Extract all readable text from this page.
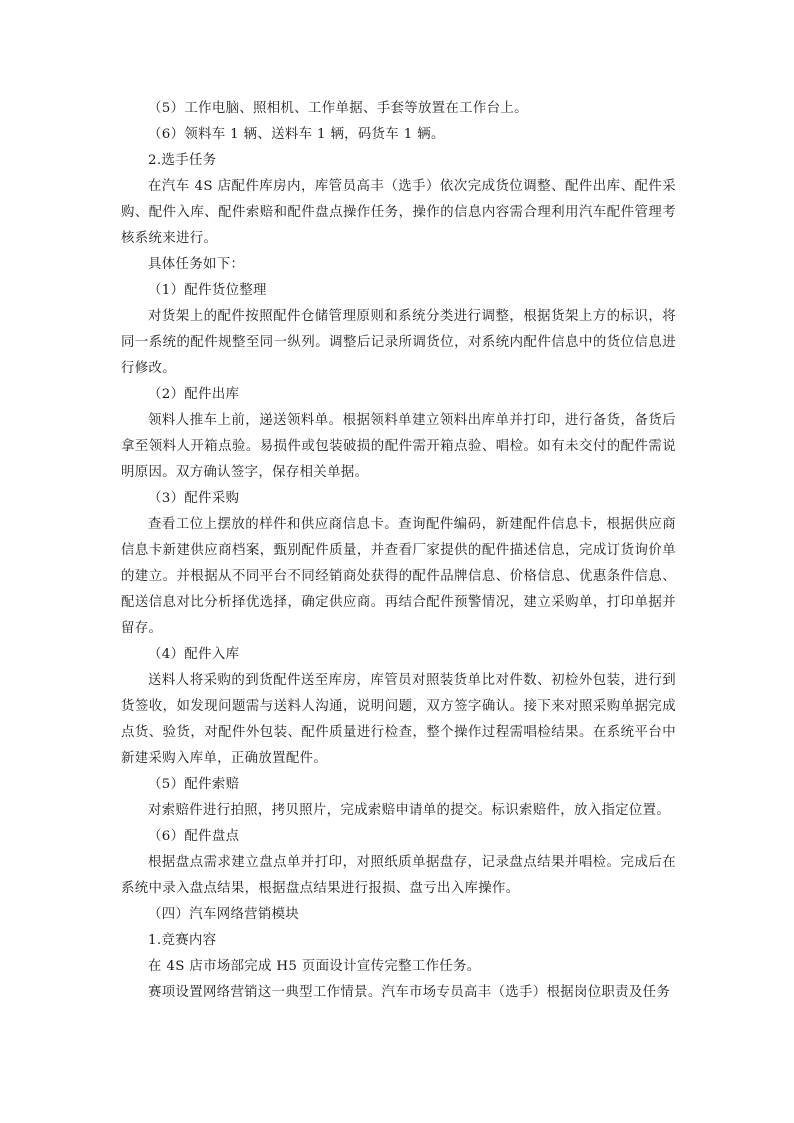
（5）工作电脑、照相机、工作单据、手套等放置在工作台上。

（6）领料车 1 辆、送料车 1 辆，码货车 1 辆。

2.选手任务

在汽车 4S 店配件库房内，库管员高丰（选手）依次完成货位调整、配件出库、配件采购、配件入库、配件索赔和配件盘点操作任务，操作的信息内容需合理利用汽车配件管理考核系统来进行。

具体任务如下：

（1）配件货位整理

对货架上的配件按照配件仓储管理原则和系统分类进行调整，根据货架上方的标识，将同一系统的配件规整至同一纵列。调整后记录所调货位，对系统内配件信息中的货位信息进行修改。

（2）配件出库

领料人推车上前，递送领料单。根据领料单建立领料出库单并打印，进行备货，备货后拿至领料人开箱点验。易损件或包装破损的配件需开箱点验、唱检。如有未交付的配件需说明原因。双方确认签字，保存相关单据。

（3）配件采购

查看工位上摆放的样件和供应商信息卡。查询配件编码，新建配件信息卡，根据供应商信息卡新建供应商档案，甄别配件质量，并查看厂家提供的配件描述信息，完成订货询价单的建立。并根据从不同平台不同经销商处获得的配件品牌信息、价格信息、优惠条件信息、配送信息对比分析择优选择，确定供应商。再结合配件预警情况，建立采购单，打印单据并留存。

（4）配件入库

送料人将采购的到货配件送至库房，库管员对照装货单比对件数、初检外包装，进行到货签收，如发现问题需与送料人沟通，说明问题，双方签字确认。接下来对照采购单据完成点货、验货，对配件外包装、配件质量进行检查，整个操作过程需唱检结果。在系统平台中新建采购入库单，正确放置配件。

（5）配件索赔

对索赔件进行拍照，拷贝照片，完成索赔申请单的提交。标识索赔件，放入指定位置。

（6）配件盘点

根据盘点需求建立盘点单并打印，对照纸质单据盘存，记录盘点结果并唱检。完成后在系统中录入盘点结果，根据盘点结果进行报损、盘亏出入库操作。

（四）汽车网络营销模块

1.竞赛内容

在 4S 店市场部完成 H5 页面设计宣传完整工作任务。

赛项设置网络营销这一典型工作情景。汽车市场专员高丰（选手）根据岗位职责及任务
